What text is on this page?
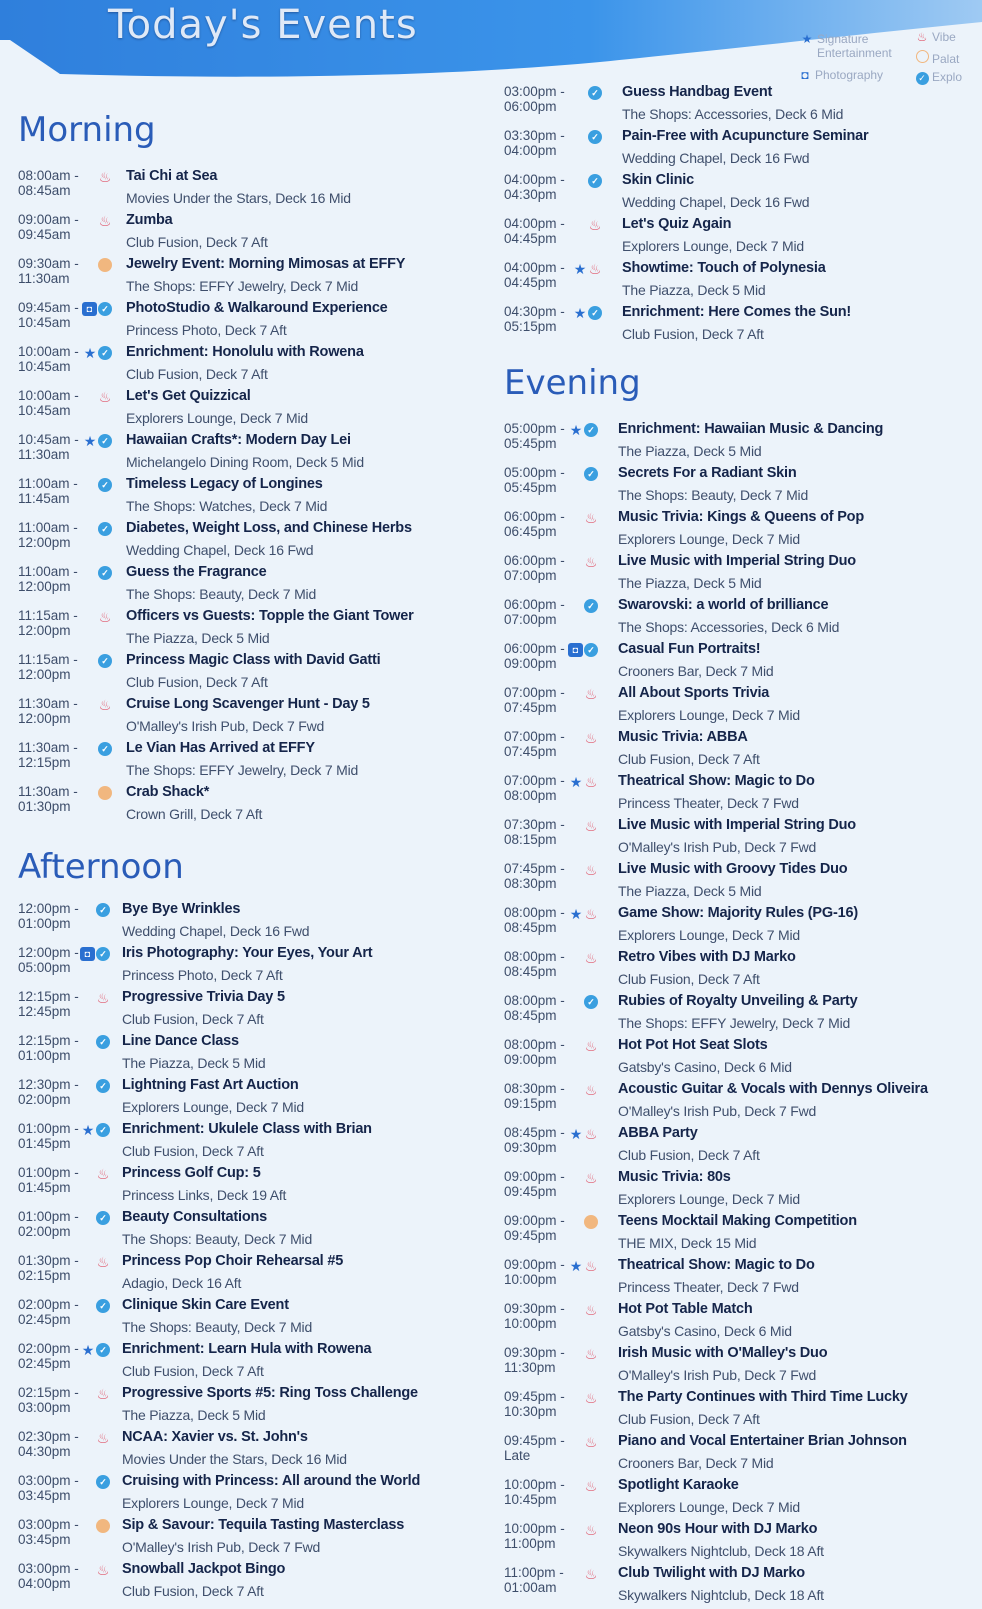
Today's Events	★ Signature
Entertainment
◘ Photography
♨ Vibe
Palat
✓ Explo
Morning
08:00am -
08:45am
♨ Tai Chi at Sea
Movies Under the Stars, Deck 16 Mid
09:00am -
09:45am
♨ Zumba
Club Fusion, Deck 7 Aft
09:30am -
11:30am
Jewelry Event: Morning Mimosas at EFFY
The Shops: EFFY Jewelry, Deck 7 Mid
09:45am -
10:45am
◘	✓ PhotoStudio & Walkaround Experience
Princess Photo, Deck 7 Aft
10:00am -
10:45am
★ ✓ Enrichment: Honolulu with Rowena
Club Fusion, Deck 7 Aft
10:00am -
10:45am
♨ Let's Get Quizzical
Explorers Lounge, Deck 7 Mid
10:45am -
11:30am
★ ✓ Hawaiian Crafts*: Modern Day Lei
Michelangelo Dining Room, Deck 5 Mid
11:00am -
11:45am
✓ Timeless Legacy of Longines
The Shops: Watches, Deck 7 Mid
11:00am -
12:00pm
✓ Diabetes, Weight Loss, and Chinese Herbs
Wedding Chapel, Deck 16 Fwd
11:00am -
12:00pm
✓ Guess the Fragrance
The Shops: Beauty, Deck 7 Mid
11:15am -
12:00pm
♨ Officers vs Guests: Topple the Giant Tower
The Piazza, Deck 5 Mid
11:15am -
12:00pm
✓ Princess Magic Class with David Gatti
Club Fusion, Deck 7 Aft
11:30am -
12:00pm
♨ Cruise Long Scavenger Hunt - Day 5
O'Malley's Irish Pub, Deck 7 Fwd
11:30am -
12:15pm
✓ Le Vian Has Arrived at EFFY
The Shops: EFFY Jewelry, Deck 7 Mid
11:30am -
01:30pm
Crab Shack*
Crown Grill, Deck 7 Aft
Afternoon
12:00pm -
01:00pm
✓ Bye Bye Wrinkles
Wedding Chapel, Deck 16 Fwd
12:00pm -
05:00pm
◘	✓ Iris Photography: Your Eyes, Your Art
Princess Photo, Deck 7 Aft
12:15pm -
12:45pm
♨ Progressive Trivia Day 5
Club Fusion, Deck 7 Aft
12:15pm -
01:00pm
✓ Line Dance Class
The Piazza, Deck 5 Mid
12:30pm -
02:00pm
✓ Lightning Fast Art Auction
Explorers Lounge, Deck 7 Mid
01:00pm -
01:45pm
★ ✓ Enrichment: Ukulele Class with Brian
Club Fusion, Deck 7 Aft
01:00pm -
01:45pm
♨ Princess Golf Cup: 5
Princess Links, Deck 19 Aft
01:00pm -
02:00pm
✓ Beauty Consultations
The Shops: Beauty, Deck 7 Mid
01:30pm -
02:15pm
♨ Princess Pop Choir Rehearsal #5
Adagio, Deck 16 Aft
02:00pm -
02:45pm
✓ Clinique Skin Care Event
The Shops: Beauty, Deck 7 Mid
02:00pm -
02:45pm
★ ✓ Enrichment: Learn Hula with Rowena
Club Fusion, Deck 7 Aft
02:15pm -
03:00pm
♨ Progressive Sports #5: Ring Toss Challenge
The Piazza, Deck 5 Mid
02:30pm -
04:30pm
♨ NCAA: Xavier vs. St. John's
Movies Under the Stars, Deck 16 Mid
03:00pm -
03:45pm
✓ Cruising with Princess: All around the World
Explorers Lounge, Deck 7 Mid
03:00pm -
03:45pm
Sip & Savour: Tequila Tasting Masterclass
O'Malley's Irish Pub, Deck 7 Fwd
03:00pm -
04:00pm
♨ Snowball Jackpot Bingo
Club Fusion, Deck 7 Aft
03:00pm -
06:00pm
✓ Guess Handbag Event
The Shops: Accessories, Deck 6 Mid
03:30pm -
04:00pm
✓ Pain-Free with Acupuncture Seminar
Wedding Chapel, Deck 16 Fwd
04:00pm -
04:30pm
✓ Skin Clinic
Wedding Chapel, Deck 16 Fwd
04:00pm -
04:45pm
♨ Let's Quiz Again
Explorers Lounge, Deck 7 Mid
04:00pm -
04:45pm
★ ♨ Showtime: Touch of Polynesia
The Piazza, Deck 5 Mid
04:30pm -
05:15pm
★ ✓ Enrichment: Here Comes the Sun!
Club Fusion, Deck 7 Aft
Evening
05:00pm -
05:45pm
★ ✓ Enrichment: Hawaiian Music & Dancing
The Piazza, Deck 5 Mid
05:00pm -
05:45pm
✓ Secrets For a Radiant Skin
The Shops: Beauty, Deck 7 Mid
06:00pm -
06:45pm
♨ Music Trivia: Kings & Queens of Pop
Explorers Lounge, Deck 7 Mid
06:00pm -
07:00pm
♨ Live Music with Imperial String Duo
The Piazza, Deck 5 Mid
06:00pm -
07:00pm
✓ Swarovski: a world of brilliance
The Shops: Accessories, Deck 6 Mid
06:00pm -
09:00pm
◘	✓ Casual Fun Portraits!
Crooners Bar, Deck 7 Mid
07:00pm -
07:45pm
♨ All About Sports Trivia
Explorers Lounge, Deck 7 Mid
07:00pm -
07:45pm
♨ Music Trivia: ABBA
Club Fusion, Deck 7 Aft
07:00pm -
08:00pm
★ ♨ Theatrical Show: Magic to Do
Princess Theater, Deck 7 Fwd
07:30pm -
08:15pm
♨ Live Music with Imperial String Duo
O'Malley's Irish Pub, Deck 7 Fwd
07:45pm -
08:30pm
♨ Live Music with Groovy Tides Duo
The Piazza, Deck 5 Mid
08:00pm -
08:45pm
★ ♨ Game Show: Majority Rules (PG-16)
Explorers Lounge, Deck 7 Mid
08:00pm -
08:45pm
♨ Retro Vibes with DJ Marko
Club Fusion, Deck 7 Aft
08:00pm -
08:45pm
✓ Rubies of Royalty Unveiling & Party
The Shops: EFFY Jewelry, Deck 7 Mid
08:00pm -
09:00pm
♨ Hot Pot Hot Seat Slots
Gatsby's Casino, Deck 6 Mid
08:30pm -
09:15pm
♨ Acoustic Guitar & Vocals with Dennys Oliveira
O'Malley's Irish Pub, Deck 7 Fwd
08:45pm -
09:30pm
★ ♨ ABBA Party
Club Fusion, Deck 7 Aft
09:00pm -
09:45pm
♨ Music Trivia: 80s
Explorers Lounge, Deck 7 Mid
09:00pm -
09:45pm
Teens Mocktail Making Competition
THE MIX, Deck 15 Mid
09:00pm -
10:00pm
★ ♨ Theatrical Show: Magic to Do
Princess Theater, Deck 7 Fwd
09:30pm -
10:00pm
♨ Hot Pot Table Match
Gatsby's Casino, Deck 6 Mid
09:30pm -
11:30pm
♨ Irish Music with O'Malley's Duo
O'Malley's Irish Pub, Deck 7 Fwd
09:45pm -
10:30pm
♨ The Party Continues with Third Time Lucky
Club Fusion, Deck 7 Aft
09:45pm -
Late
♨ Piano and Vocal Entertainer Brian Johnson
Crooners Bar, Deck 7 Mid
10:00pm -
10:45pm
♨ Spotlight Karaoke
Explorers Lounge, Deck 7 Mid
10:00pm -
11:00pm
♨ Neon 90s Hour with DJ Marko
Skywalkers Nightclub, Deck 18 Aft
11:00pm -
01:00am
♨ Club Twilight with DJ Marko
Skywalkers Nightclub, Deck 18 Aft
